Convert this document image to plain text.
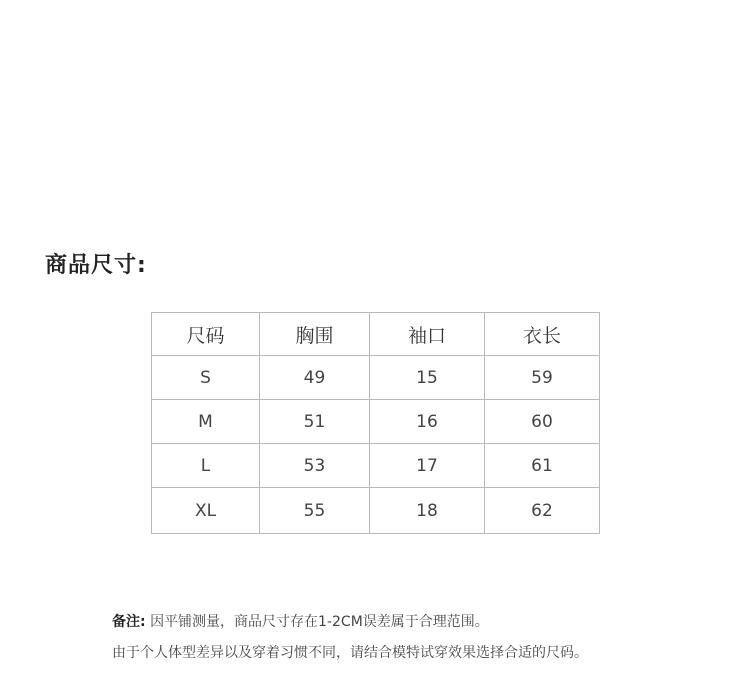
商品尺寸:
尺码	胸围	袖口	衣长
S	49	15	59
M	51	16	60
L	53	17	61
XL	55	18	62

备注: 因平铺测量，商品尺寸存在1-2CM误差属于合理范围。

由于个人体型差异以及穿着习惯不同，请结合模特试穿效果选择合适的尺码。
